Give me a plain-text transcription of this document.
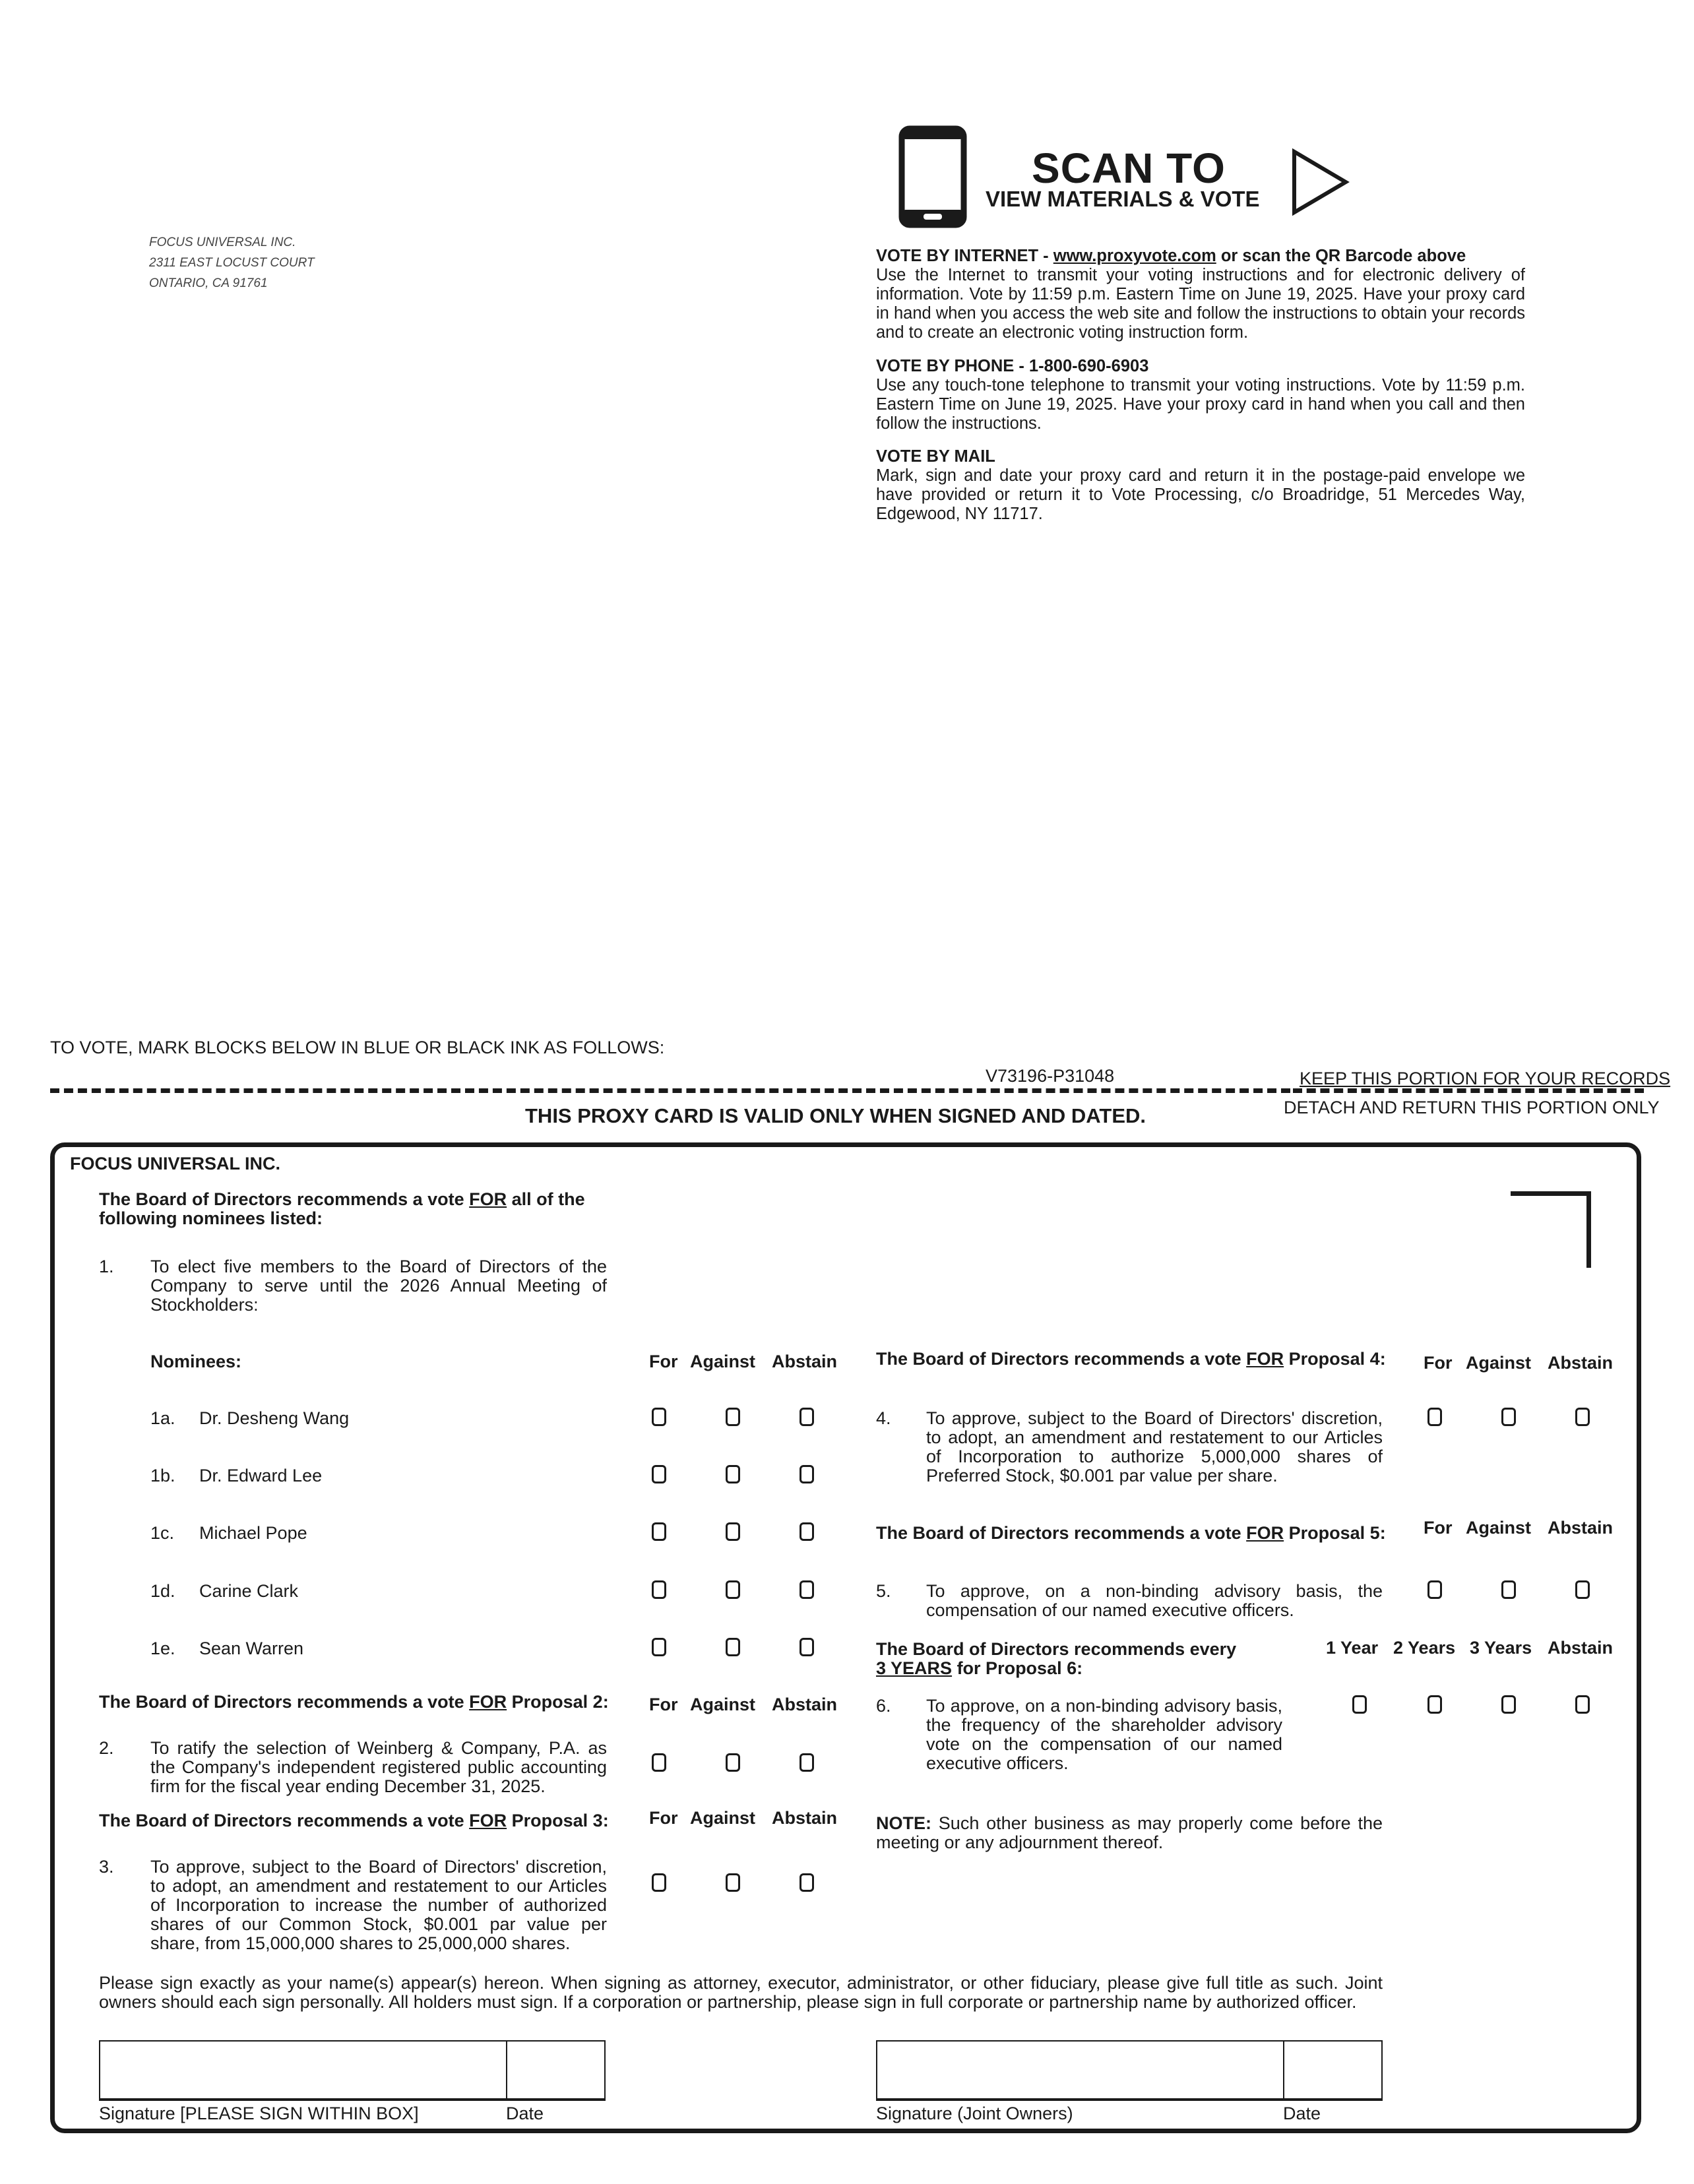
FOCUS UNIVERSAL INC.
2311 EAST LOCUST COURT
ONTARIO, CA 91761
SCAN TO
VIEW MATERIALS & VOTE
VOTE BY INTERNET - www.proxyvote.com or scan the QR Barcode above
Use the Internet to transmit your voting instructions and for electronic delivery of information. Vote by 11:59 p.m. Eastern Time on June 19, 2025. Have your proxy card in hand when you access the web site and follow the instructions to obtain your records and to create an electronic voting instruction form.
VOTE BY PHONE - 1-800-690-6903
Use any touch-tone telephone to transmit your voting instructions. Vote by 11:59 p.m. Eastern Time on June 19, 2025. Have your proxy card in hand when you call and then follow the instructions.
VOTE BY MAIL
Mark, sign and date your proxy card and return it in the postage-paid envelope we have provided or return it to Vote Processing, c/o Broadridge, 51 Mercedes Way, Edgewood, NY 11717.
TO VOTE, MARK BLOCKS BELOW IN BLUE OR BLACK INK AS FOLLOWS:
V73196-P31048	KEEP THIS PORTION FOR YOUR RECORDS
THIS PROXY CARD IS VALID ONLY WHEN SIGNED AND DATED.	DETACH AND RETURN THIS PORTION ONLY
FOCUS UNIVERSAL INC.
The Board of Directors recommends a vote FOR all of the
following nominees listed:
1. To elect five members to the Board of Directors of the Company to serve until the 2026 Annual Meeting of Stockholders:
Nominees:	For Against Abstain
1a. Dr. Desheng Wang
1b. Dr. Edward Lee
1c. Michael Pope
1d. Carine Clark
1e. Sean Warren
The Board of Directors recommends a vote FOR Proposal 2: For Against Abstain
2. To ratify the selection of Weinberg & Company, P.A. as the Company's independent registered public accounting firm for the fiscal year ending December 31, 2025.
The Board of Directors recommends a vote FOR Proposal 3: For Against Abstain
3. To approve, subject to the Board of Directors' discretion, to adopt, an amendment and restatement to our Articles of Incorporation to increase the number of authorized shares of our Common Stock, $0.001 par value per share, from 15,000,000 shares to 25,000,000 shares.
The Board of Directors recommends a vote FOR Proposal 4: For Against Abstain
4. To approve, subject to the Board of Directors' discretion, to adopt, an amendment and restatement to our Articles of Incorporation to authorize 5,000,000 shares of Preferred Stock, $0.001 par value per share.
The Board of Directors recommends a vote FOR Proposal 5: For Against Abstain
5. To approve, on a non-binding advisory basis, the compensation of our named executive officers.
The Board of Directors recommends every
3 YEARS for Proposal 6:
1 Year 2 Years 3 Years Abstain
6. To approve, on a non-binding advisory basis, the frequency of the shareholder advisory vote on the compensation of our named executive officers.
NOTE: Such other business as may properly come before the meeting or any adjournment thereof.
Please sign exactly as your name(s) appear(s) hereon. When signing as attorney, executor, administrator, or other fiduciary, please give full title as such. Joint owners should each sign personally. All holders must sign. If a corporation or partnership, please sign in full corporate or partnership name by authorized officer.
Signature [PLEASE SIGN WITHIN BOX]	Date	Signature (Joint Owners)	Date
